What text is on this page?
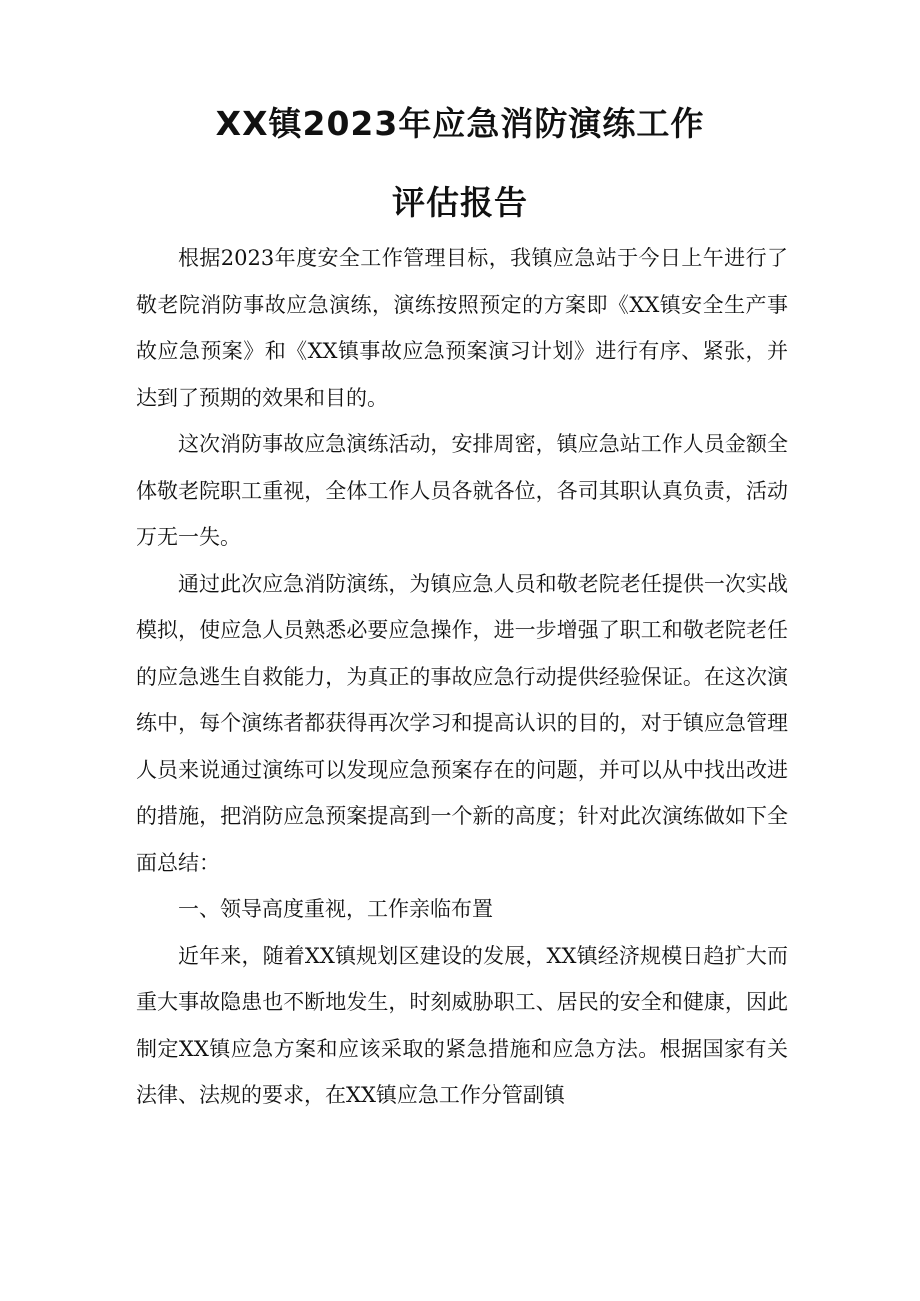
XX镇2023年应急消防演练工作
评估报告

根据2023年度安全工作管理目标，我镇应急站于今日上午进行了敬老院消防事故应急演练，演练按照预定的方案即《XX镇安全生产事故应急预案》和《XX镇事故应急预案演习计划》进行有序、紧张，并达到了预期的效果和目的。

这次消防事故应急演练活动，安排周密，镇应急站工作人员金额全体敬老院职工重视，全体工作人员各就各位，各司其职认真负责，活动万无一失。

通过此次应急消防演练，为镇应急人员和敬老院老任提供一次实战模拟，使应急人员熟悉必要应急操作，进一步增强了职工和敬老院老任的应急逃生自救能力，为真正的事故应急行动提供经验保证。在这次演练中，每个演练者都获得再次学习和提高认识的目的，对于镇应急管理人员来说通过演练可以发现应急预案存在的问题，并可以从中找出改进的措施，把消防应急预案提高到一个新的高度；针对此次演练做如下全面总结：

一、领导高度重视，工作亲临布置

近年来，随着XX镇规划区建设的发展，XX镇经济规模日趋扩大而重大事故隐患也不断地发生，时刻威胁职工、居民的安全和健康，因此制定XX镇应急方案和应该采取的紧急措施和应急方法。根据国家有关法律、法规的要求，在XX镇应急工作分管副镇
